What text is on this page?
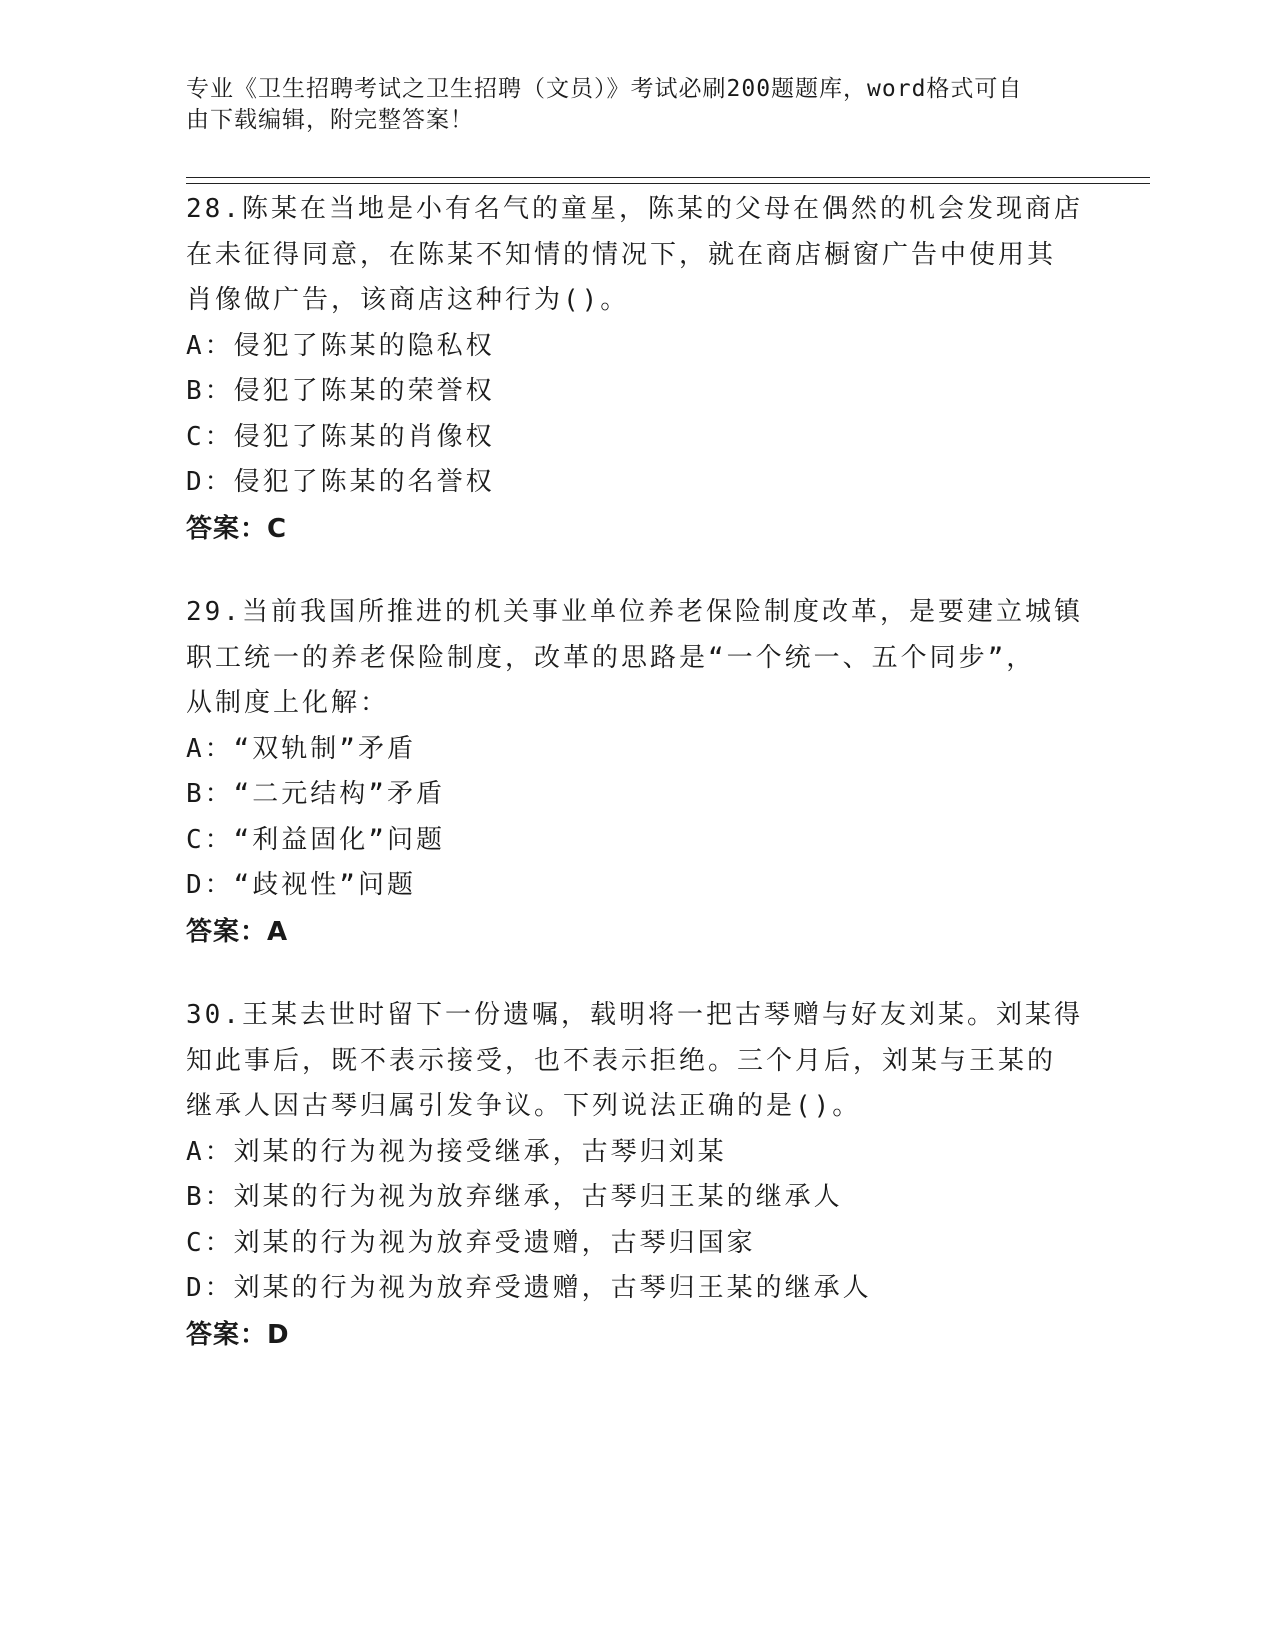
专业《卫生招聘考试之卫生招聘（文员）》考试必刷200题题库，word格式可自
由下载编辑，附完整答案！
28.陈某在当地是小有名气的童星，陈某的父母在偶然的机会发现商店
在未征得同意，在陈某不知情的情况下，就在商店橱窗广告中使用其
肖像做广告，该商店这种行为()。
A：侵犯了陈某的隐私权
B：侵犯了陈某的荣誉权
C：侵犯了陈某的肖像权
D：侵犯了陈某的名誉权
答案：C
29.当前我国所推进的机关事业单位养老保险制度改革，是要建立城镇
职工统一的养老保险制度，改革的思路是“一个统一、五个同步”，
从制度上化解：
A：“双轨制”矛盾
B：“二元结构”矛盾
C：“利益固化”问题
D：“歧视性”问题
答案：A
30.王某去世时留下一份遗嘱，载明将一把古琴赠与好友刘某。刘某得
知此事后，既不表示接受，也不表示拒绝。三个月后，刘某与王某的
继承人因古琴归属引发争议。下列说法正确的是()。
A：刘某的行为视为接受继承，古琴归刘某
B：刘某的行为视为放弃继承，古琴归王某的继承人
C：刘某的行为视为放弃受遗赠，古琴归国家
D：刘某的行为视为放弃受遗赠，古琴归王某的继承人
答案：D
